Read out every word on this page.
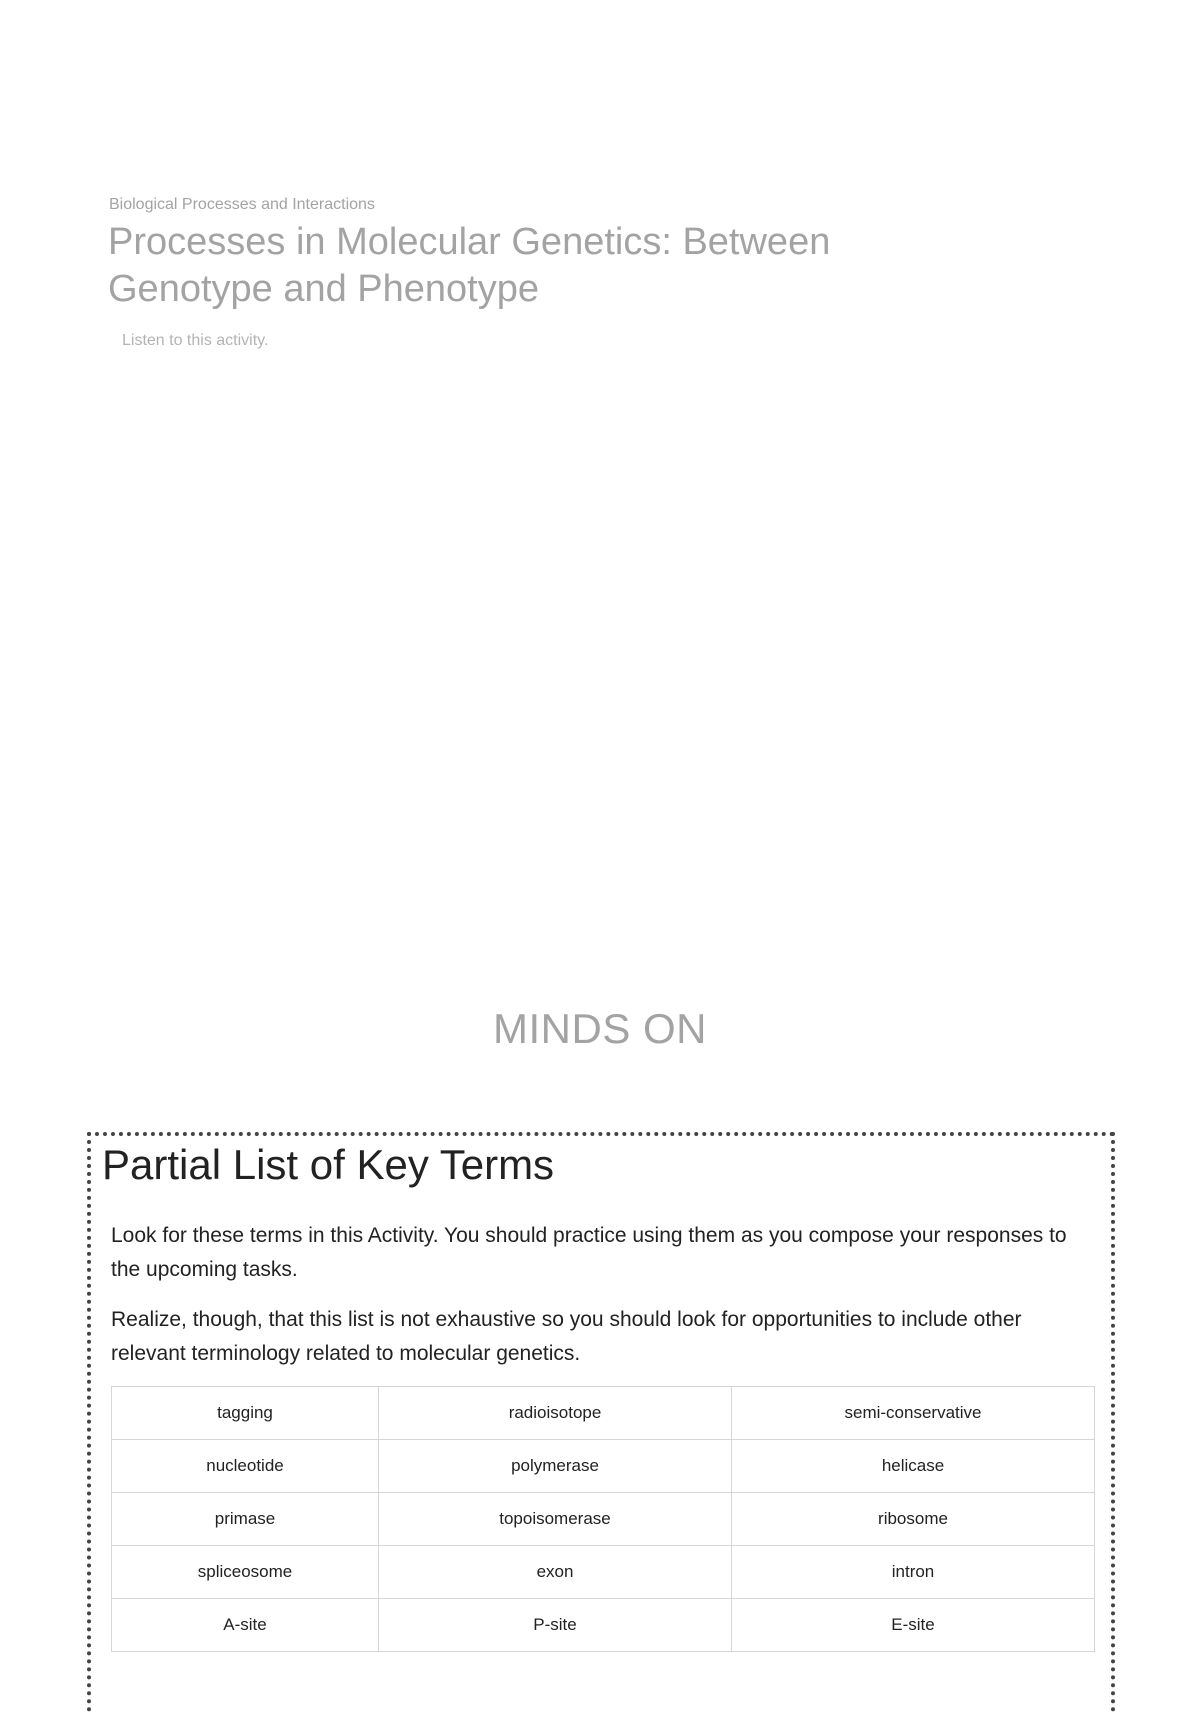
Biological Processes and Interactions
Processes in Molecular Genetics: Between Genotype and Phenotype
Listen to this activity.
MINDS ON
Partial List of Key Terms

Look for these terms in this Activity. You should practice using them as you compose your responses to the upcoming tasks.

Realize, though, that this list is not exhaustive so you should look for opportunities to include other relevant terminology related to molecular genetics.

tagging	radioisotope	semi-conservative
nucleotide	polymerase	helicase
primase	topoisomerase	ribosome
spliceosome	exon	intron
A-site	P-site	E-site
